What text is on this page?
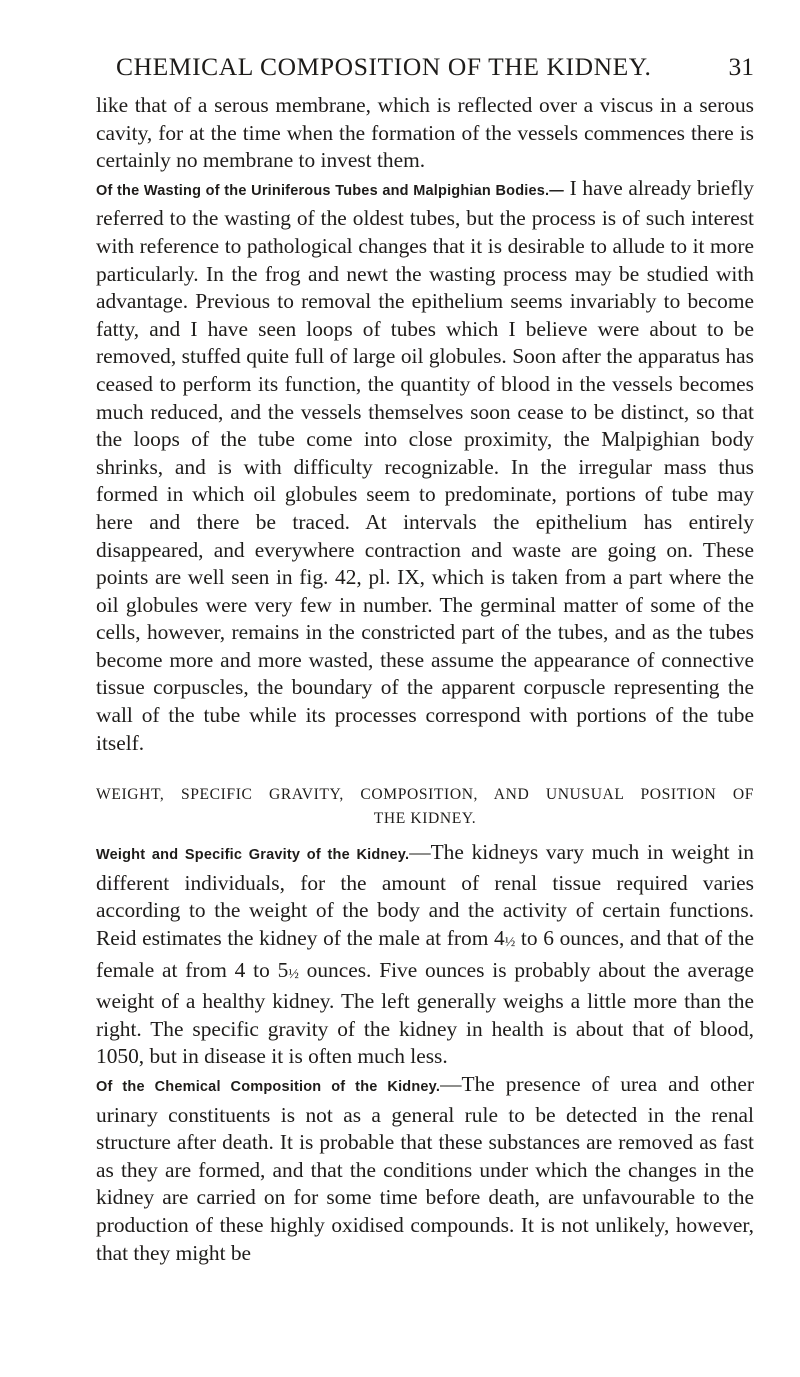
CHEMICAL COMPOSITION OF THE KIDNEY.	31

like that of a serous membrane, which is reflected over a viscus in a serous cavity, for at the time when the formation of the vessels commences there is certainly no membrane to invest them.

Of the Wasting of the Uriniferous Tubes and Malpighian Bodies.— I have already briefly referred to the wasting of the oldest tubes, but the process is of such interest with reference to pathological changes that it is desirable to allude to it more particularly. In the frog and newt the wasting process may be studied with advantage. Previous to removal the epithelium seems invariably to become fatty, and I have seen loops of tubes which I believe were about to be removed, stuffed quite full of large oil globules. Soon after the apparatus has ceased to perform its function, the quantity of blood in the vessels becomes much reduced, and the vessels themselves soon cease to be distinct, so that the loops of the tube come into close proximity, the Malpighian body shrinks, and is with difficulty recognizable. In the irregular mass thus formed in which oil globules seem to predominate, portions of tube may here and there be traced. At intervals the epithelium has entirely disappeared, and everywhere contraction and waste are going on. These points are well seen in fig. 42, pl. IX, which is taken from a part where the oil globules were very few in number. The germinal matter of some of the cells, however, remains in the constricted part of the tubes, and as the tubes become more and more wasted, these assume the appearance of connective tissue corpuscles, the boundary of the apparent corpuscle representing the wall of the tube while its processes correspond with portions of the tube itself.

WEIGHT, SPECIFIC GRAVITY, COMPOSITION, AND UNUSUAL POSITION OF
THE KIDNEY.

Weight and Specific Gravity of the Kidney.—The kidneys vary much in weight in different individuals, for the amount of renal tissue required varies according to the weight of the body and the activity of certain functions. Reid estimates the kidney of the male at from 4½ to 6 ounces, and that of the female at from 4 to 5½ ounces. Five ounces is probably about the average weight of a healthy kidney. The left generally weighs a little more than the right. The specific gravity of the kidney in health is about that of blood, 1050, but in disease it is often much less.

Of the Chemical Composition of the Kidney.—The presence of urea and other urinary constituents is not as a general rule to be detected in the renal structure after death. It is probable that these substances are removed as fast as they are formed, and that the conditions under which the changes in the kidney are carried on for some time before death, are unfavourable to the production of these highly oxidised compounds. It is not unlikely, however, that they might be
